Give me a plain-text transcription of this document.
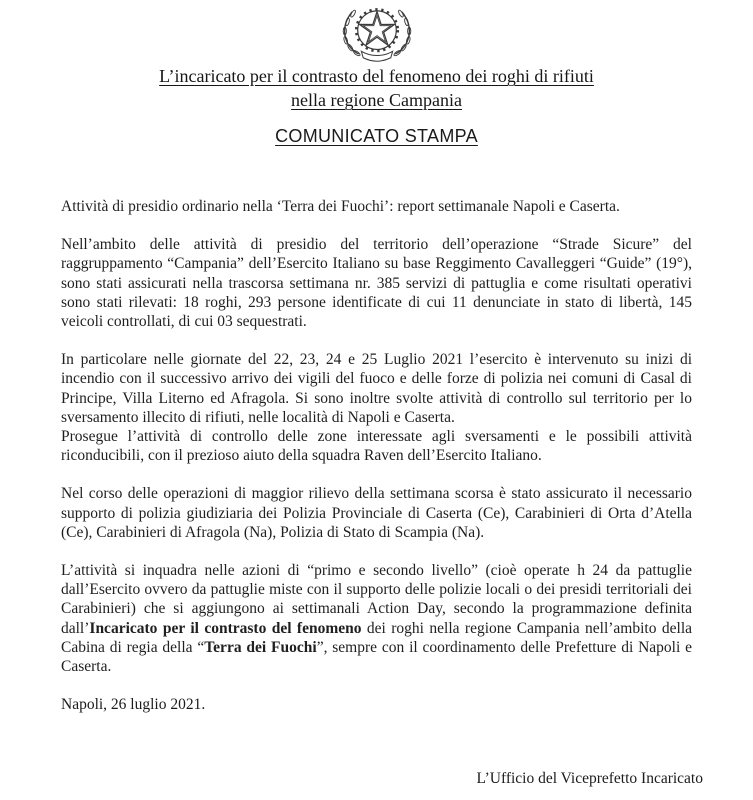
L’incaricato per il contrasto del fenomeno dei roghi di rifiuti
nella regione Campania
COMUNICATO STAMPA

Attività di presidio ordinario nella ‘Terra dei Fuochi’: report settimanale Napoli e Caserta.

Nell’ambito delle attività di presidio del territorio dell’operazione “Strade Sicure” del raggruppamento “Campania” dell’Esercito Italiano su base Reggimento Cavalleggeri “Guide” (19°), sono stati assicurati nella trascorsa settimana nr. 385 servizi di pattuglia e come risultati operativi sono stati rilevati: 18 roghi, 293 persone identificate di cui 11 denunciate in stato di libertà, 145 veicoli controllati, di cui 03 sequestrati.

In particolare nelle giornate del 22, 23, 24 e 25 Luglio 2021 l’esercito è intervenuto su inizi di incendio con il successivo arrivo dei vigili del fuoco e delle forze di polizia nei comuni di Casal di Principe, Villa Literno ed Afragola. Si sono inoltre svolte attività di controllo sul territorio per lo sversamento illecito di rifiuti, nelle località di Napoli e Caserta.

Prosegue l’attività di controllo delle zone interessate agli sversamenti e le possibili attività riconducibili, con il prezioso aiuto della squadra Raven dell’Esercito Italiano.

Nel corso delle operazioni di maggior rilievo della settimana scorsa è stato assicurato il necessario supporto di polizia giudiziaria dei Polizia Provinciale di Caserta (Ce), Carabinieri di Orta d’Atella (Ce), Carabinieri di Afragola (Na), Polizia di Stato di Scampia (Na).

L’attività si inquadra nelle azioni di “primo e secondo livello” (cioè operate h 24 da pattuglie dall’Esercito ovvero da pattuglie miste con il supporto delle polizie locali o dei presidi territoriali dei Carabinieri) che si aggiungono ai settimanali Action Day, secondo la programmazione definita dall’Incaricato per il contrasto del fenomeno dei roghi nella regione Campania nell’ambito della Cabina di regia della “Terra dei Fuochi”, sempre con il coordinamento delle Prefetture di Napoli e Caserta.

Napoli, 26 luglio 2021.

L’Ufficio del Viceprefetto Incaricato
